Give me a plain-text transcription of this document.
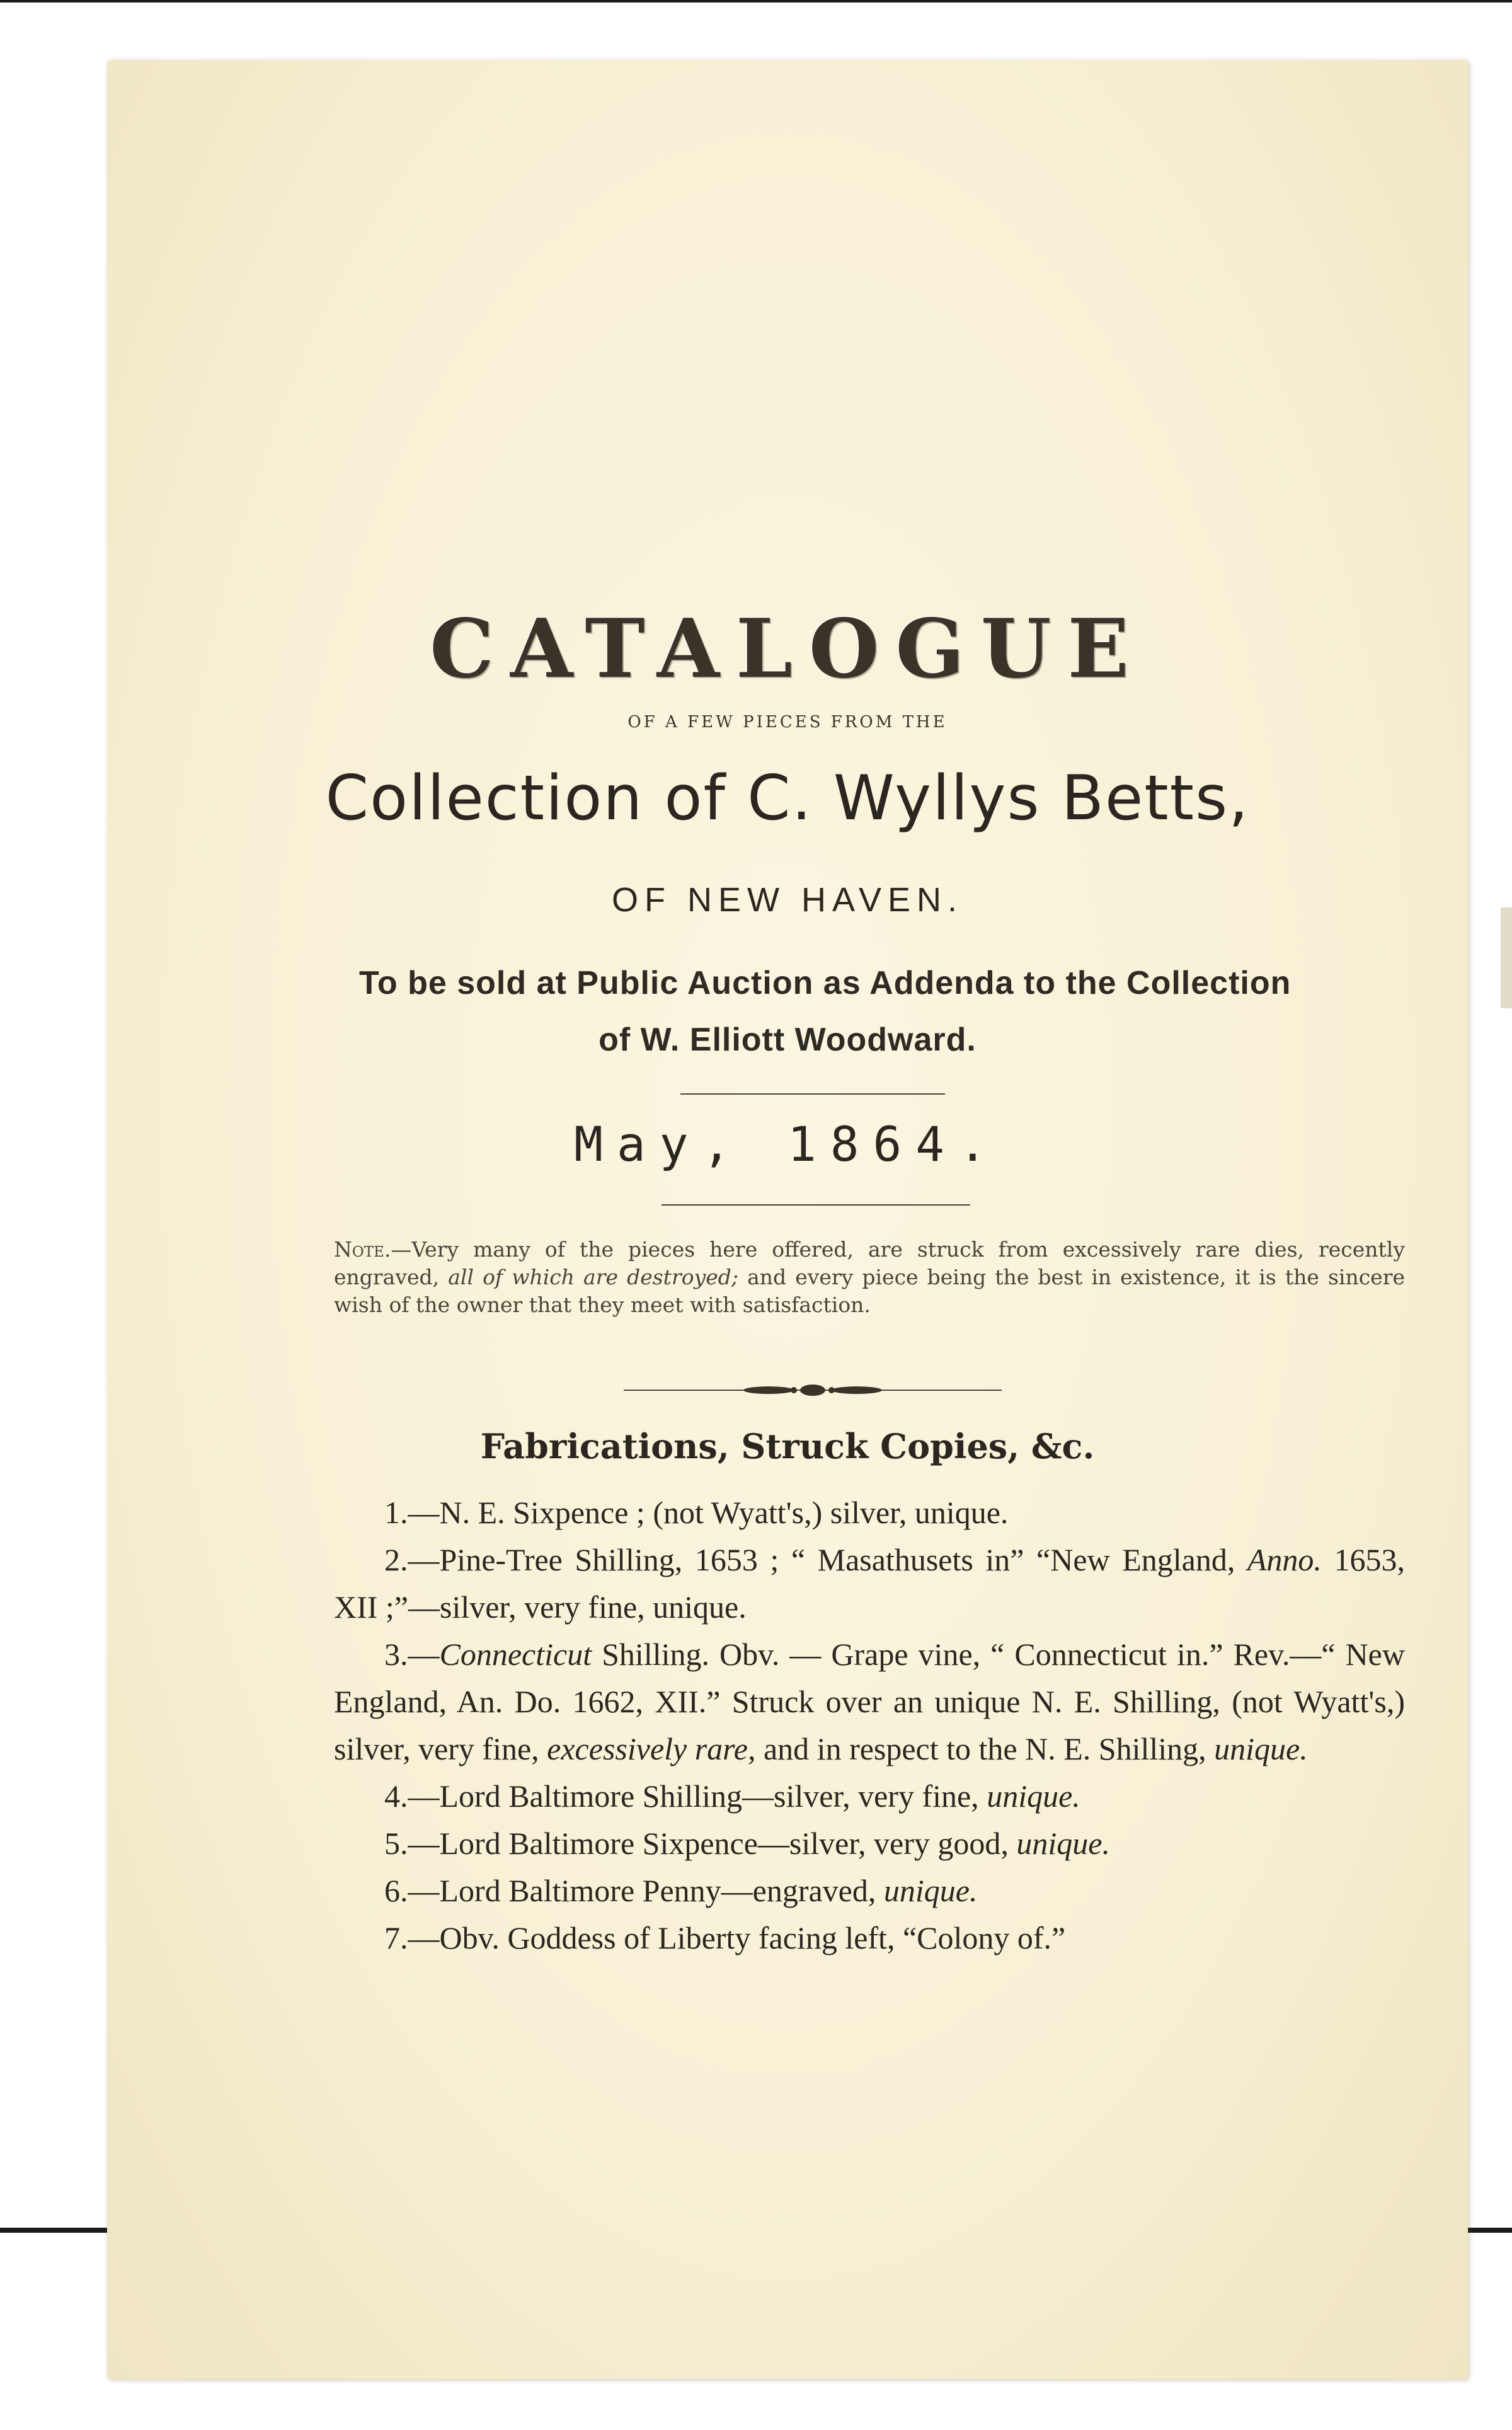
CATALOGUE
OF A FEW PIECES FROM THE
Collection of C. Wyllys Betts,
OF NEW HAVEN.
To be sold at Public Auction as Addenda to the Collection
of W. Elliott Woodward.
May, 1864.
Note.—Very many of the pieces here offered, are struck from excessively rare dies, recently engraved, all of which are destroyed; and every piece being the best in existence, it is the sincere wish of the owner that they meet with satisfaction.
Fabrications, Struck Copies, &c.

1.—N. E. Sixpence ; (not Wyatt's,) silver, unique.

2.—Pine-Tree Shilling, 1653 ; “ Masathusets in” “New England, Anno. 1653, XII ;”—silver, very fine, unique.

3.—Connecticut Shilling. Obv. — Grape vine, “ Connecticut in.” Rev.—“ New England, An. Do. 1662, XII.” Struck over an unique N. E. Shilling, (not Wyatt's,) silver, very fine, excessively rare, and in respect to the N. E. Shilling, unique.

4.—Lord Baltimore Shilling—silver, very fine, unique.

5.—Lord Baltimore Sixpence—silver, very good, unique.

6.—Lord Baltimore Penny—engraved, unique.

7.—Obv. Goddess of Liberty facing left, “Colony of.”
